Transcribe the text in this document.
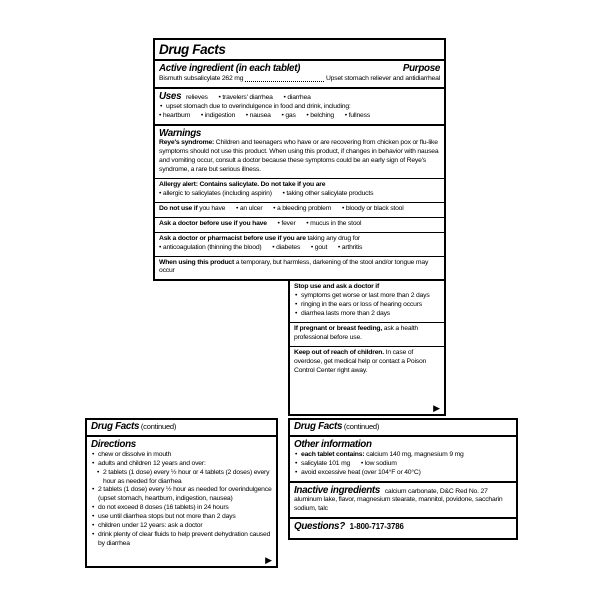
Drug Facts
Active ingredient (in each tablet)	Purpose
Bismuth subsalicylate 262 mg	Upset stomach reliever and antidiarrheal
Uses relieves • travelers' diarrhea • diarrhea
• upset stomach due to overindulgence in food and drink, including:
• heartburn • indigestion • nausea • gas • belching • fullness
Warnings
Reye's syndrome: Children and teenagers who have or are recovering from chicken pox or flu-like symptoms should not use this product. When using this product, if changes in behavior with nausea and vomiting occur, consult a doctor because these symptoms could be an early sign of Reye's syndrome, a rare but serious illness.
Allergy alert: Contains salicylate. Do not take if you are
• allergic to salicylates (including aspirin) • taking other salicylate products
Do not use if you have • an ulcer • a bleeding problem • bloody or black stool
Ask a doctor before use if you have • fever • mucus in the stool
Ask a doctor or pharmacist before use if you are taking any drug for
• anticoagulation (thinning the blood) • diabetes • gout • arthritis
When using this product a temporary, but harmless, darkening of the stool and/or tongue may occur
Stop use and ask a doctor if
• symptoms get worse or last more than 2 days
• ringing in the ears or loss of hearing occurs
• diarrhea lasts more than 2 days
If pregnant or breast feeding, ask a health professional before use.
Keep out of reach of children. In case of overdose, get medical help or contact a Poison Control Center right away.
▶
Drug Facts (continued)
Directions
• chew or dissolve in mouth
• adults and children 12 years and over:
• 2 tablets (1 dose) every ½ hour or 4 tablets (2 doses) every hour as needed for diarrhea
• 2 tablets (1 dose) every ½ hour as needed for overindulgence (upset stomach, heartburn, indigestion, nausea)
• do not exceed 8 doses (16 tablets) in 24 hours
• use until diarrhea stops but not more than 2 days
• children under 12 years: ask a doctor
• drink plenty of clear fluids to help prevent dehydration caused by diarrhea
▶
Drug Facts (continued)
Other information
• each tablet contains: calcium 140 mg, magnesium 9 mg
• salicylate 101 mg • low sodium
• avoid excessive heat (over 104°F or 40°C)
Inactive ingredients calcium carbonate, D&C Red No. 27 aluminum lake, flavor, magnesium stearate, mannitol, povidone, saccharin sodium, talc
Questions? 1-800-717-3786
